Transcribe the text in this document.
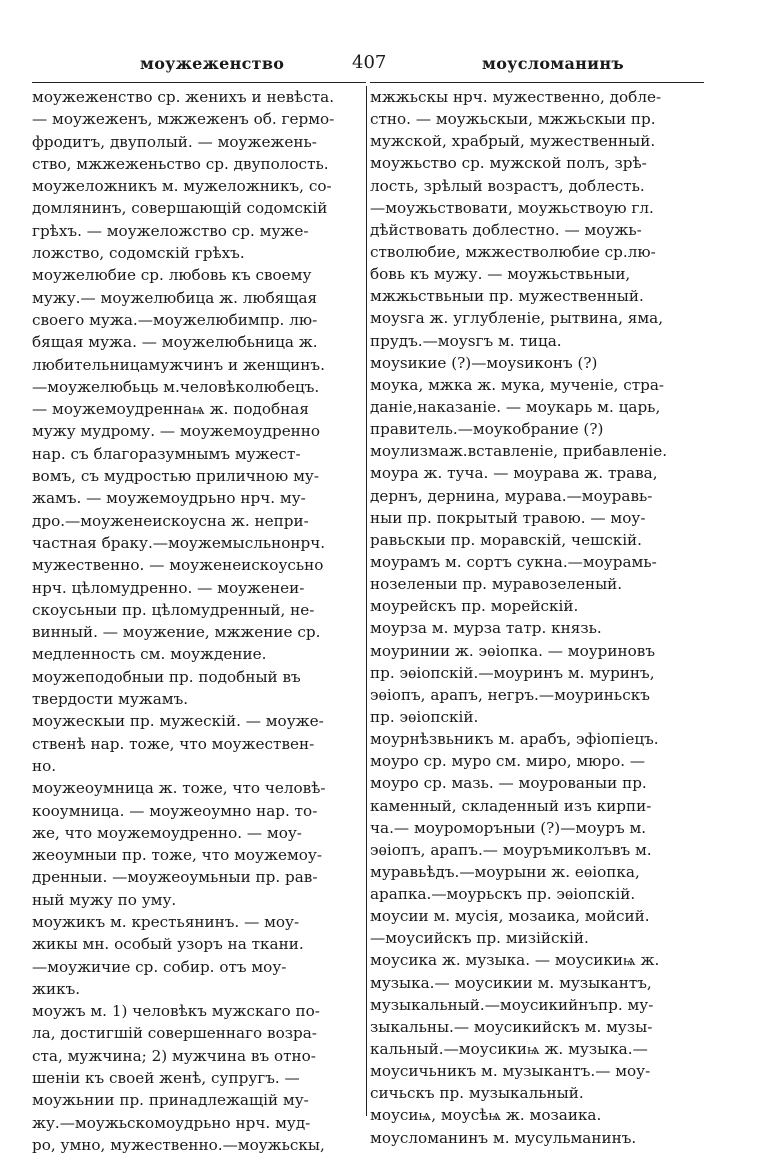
моужеженство	407	моусломанинъ
моужеженство ср. женихъ и невѣста.
— моужеженъ, мжжеженъ об. гермо-
фродитъ, двуполый. — моужежень-
ство, мжжеженьство ср. двуполость.
моужеложникъ м. мужеложникъ, со-
домлянинъ, совершающій содомскій
грѣхъ. — моужеложство ср. муже-
ложство, содомскій грѣхъ.
моужелюбие ср. любовь къ своему
мужу.— моужелюбица ж. любящая
своего мужа.—моужелюбимпр. лю-
бящая мужа. — моужелюбьница ж.
любительницамужчинъ и женщинъ.
—моужелюбьць м.человѣколюбецъ.
— моужемоудреннаѩ ж. подобная
мужу мудрому. — моужемоудренно
нар. съ благоразумнымъ мужест-
вомъ, съ мудростью приличною му-
жамъ. — моужемоудрьно нрч. му-
дро.—моуженеискоусна ж. непри-
частная браку.—моужемысльнонрч.
мужественно. — моуженеискоусьно
нрч. цѣломудренно. — моуженеи-
скоусьныи пр. цѣломудренный, не-
винный. — моужение, мжжение ср.
медленность см. моуждение.
моужеподобныи пр. подобный въ
твердости мужамъ.
моужескыи пр. мужескій. — моуже-
ственѣ нар. тоже, что моужествен-
но.
моужеоумница ж. тоже, что человѣ-
кооумница. — моужеоумно нар. то-
же, что моужемоудренно. — моу-
жеоумныи пр. тоже, что моужемоу-
дренныи. —моужеоумьныи пр. рав-
ный мужу по уму.
моужикъ м. крестьянинъ. — моу-
жикы мн. особый узоръ на ткани.
—моужичие ср. собир. отъ моу-
жикъ.
моужъ м. 1) человѣкъ мужскаго по-
ла, достигшій совершеннаго возра-
ста, мужчина; 2) мужчина въ отно-
шеніи къ своей женѣ, супругъ. —
моужьнии пр. принадлежащій му-
жу.—моужьскомоудрьно нрч. муд-
ро, умно, мужественно.—моужьскы,
мжжьскы нрч. мужественно, добле-
стно. — моужьскыи, мжжьскыи пр.
мужской, храбрый, мужественный.
моужьство ср. мужской полъ, зрѣ-
лость, зрѣлый возрастъ, доблесть.
—моужьствовати, моужьствоую гл.
дѣйствовать доблестно. — моужь-
стволюбие, мжжестволюбие ср.лю-
бовь къ мужу. — моужьствьныи,
мжжьствьныи пр. мужественный.
моуѕга ж. углубленіе, рытвина, яма,
прудъ.—моуѕгъ м. тица.
моуѕикие (?)—моуѕиконъ (?)
моука, мжка ж. мука, мученіе, стра-
даніе,наказаніе. — моукарь м. царь,
правитель.—моукобрание (?)
моулизмаж.вставленіе, прибавленіе.
моура ж. туча. — моурава ж. трава,
дернъ, дернина, мурава.—моуравь-
ныи пр. покрытый травою. — моу-
равьскыи пр. моравскій, чешскій.
моурамъ м. сортъ сукна.—моурамь-
нозеленыи пр. муравозеленый.
моурейскъ пр. морейскій.
моурза м. мурза татр. князь.
моуринии ж. эѳіопка. — моуриновъ
пр. эѳіопскій.—моуринъ м. муринъ,
эѳіопъ, арапъ, негръ.—моуриньскъ
пр. эѳіопскій.
моурнѣзвьникъ м. арабъ, эфіопіецъ.
моуро ср. муро см. миро, мюро. —
моуро ср. мазь. — моурованыи пр.
каменный, складенный изъ кирпи-
ча.— моуроморъныи (?)—моуръ м.
эѳіопъ, арапъ.— моуръмиколъвъ м.
муравьѣдъ.—моурыни ж. еѳіопка,
арапка.—моурьскъ пр. эѳіопскій.
моусии м. мусія, мозаика, мойсий.
—моусийскъ пр. мизійскій.
моусика ж. музыка. — моусикиѩ ж.
музыка.— моусикии м. музыкантъ,
музыкальный.—моусикийнъпр. му-
зыкальны.— моусикийскъ м. музы-
кальный.—моусикиѩ ж. музыка.—
моусичьникъ м. музыкантъ.— моу-
сичьскъ пр. музыкальный.
моусиѩ, моусѣѩ ж. мозаика.
моусломанинъ м. мусульманинъ.
